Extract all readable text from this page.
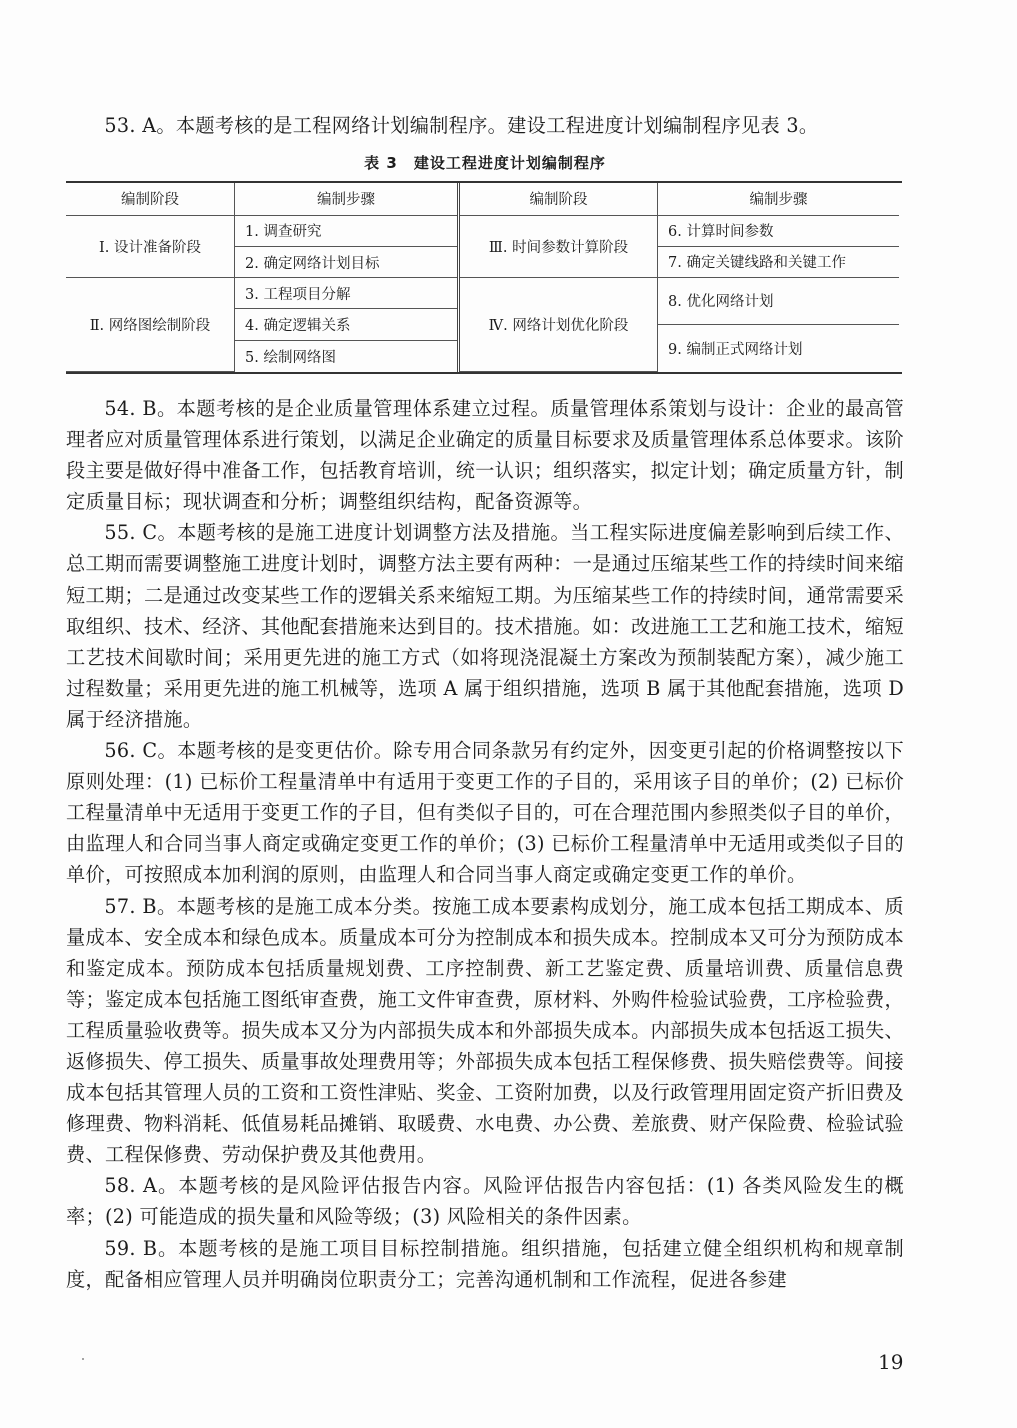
53. A。本题考核的是工程网络计划编制程序。建设工程进度计划编制程序见表 3。

表 3　建设工程进度计划编制程序
编制阶段	编制步骤
Ⅰ. 设计准备阶段	1. 调查研究
	2. 确定网络计划目标
Ⅱ. 网络图绘制阶段	3. 工程项目分解
	4. 确定逻辑关系
	5. 绘制网络图
编制阶段	编制步骤
Ⅲ. 时间参数计算阶段	6. 计算时间参数
	7. 确定关键线路和关键工作
Ⅳ. 网络计划优化阶段	8. 优化网络计划
	9. 编制正式网络计划

54. B。本题考核的是企业质量管理体系建立过程。质量管理体系策划与设计：企业的最高管理者应对质量管理体系进行策划，以满足企业确定的质量目标要求及质量管理体系总体要求。该阶段主要是做好得中准备工作，包括教育培训，统一认识；组织落实，拟定计划；确定质量方针，制定质量目标；现状调查和分析；调整组织结构，配备资源等。

55. C。本题考核的是施工进度计划调整方法及措施。当工程实际进度偏差影响到后续工作、总工期而需要调整施工进度计划时，调整方法主要有两种：一是通过压缩某些工作的持续时间来缩短工期；二是通过改变某些工作的逻辑关系来缩短工期。为压缩某些工作的持续时间，通常需要采取组织、技术、经济、其他配套措施来达到目的。技术措施。如：改进施工工艺和施工技术，缩短工艺技术间歇时间；采用更先进的施工方式（如将现浇混凝土方案改为预制装配方案），减少施工过程数量；采用更先进的施工机械等，选项 A 属于组织措施，选项 B 属于其他配套措施，选项 D 属于经济措施。

56. C。本题考核的是变更估价。除专用合同条款另有约定外，因变更引起的价格调整按以下原则处理：(1) 已标价工程量清单中有适用于变更工作的子目的，采用该子目的单价；(2) 已标价工程量清单中无适用于变更工作的子目，但有类似子目的，可在合理范围内参照类似子目的单价，由监理人和合同当事人商定或确定变更工作的单价；(3) 已标价工程量清单中无适用或类似子目的单价，可按照成本加利润的原则，由监理人和合同当事人商定或确定变更工作的单价。

57. B。本题考核的是施工成本分类。按施工成本要素构成划分，施工成本包括工期成本、质量成本、安全成本和绿色成本。质量成本可分为控制成本和损失成本。控制成本又可分为预防成本和鉴定成本。预防成本包括质量规划费、工序控制费、新工艺鉴定费、质量培训费、质量信息费等；鉴定成本包括施工图纸审查费，施工文件审查费，原材料、外购件检验试验费，工序检验费，工程质量验收费等。损失成本又分为内部损失成本和外部损失成本。内部损失成本包括返工损失、返修损失、停工损失、质量事故处理费用等；外部损失成本包括工程保修费、损失赔偿费等。间接成本包括其管理人员的工资和工资性津贴、奖金、工资附加费，以及行政管理用固定资产折旧费及修理费、物料消耗、低值易耗品摊销、取暖费、水电费、办公费、差旅费、财产保险费、检验试验费、工程保修费、劳动保护费及其他费用。

58. A。本题考核的是风险评估报告内容。风险评估报告内容包括：(1) 各类风险发生的概率；(2) 可能造成的损失量和风险等级；(3) 风险相关的条件因素。

59. B。本题考核的是施工项目目标控制措施。组织措施，包括建立健全组织机构和规章制度，配备相应管理人员并明确岗位职责分工；完善沟通机制和工作流程，促进各参建

19
